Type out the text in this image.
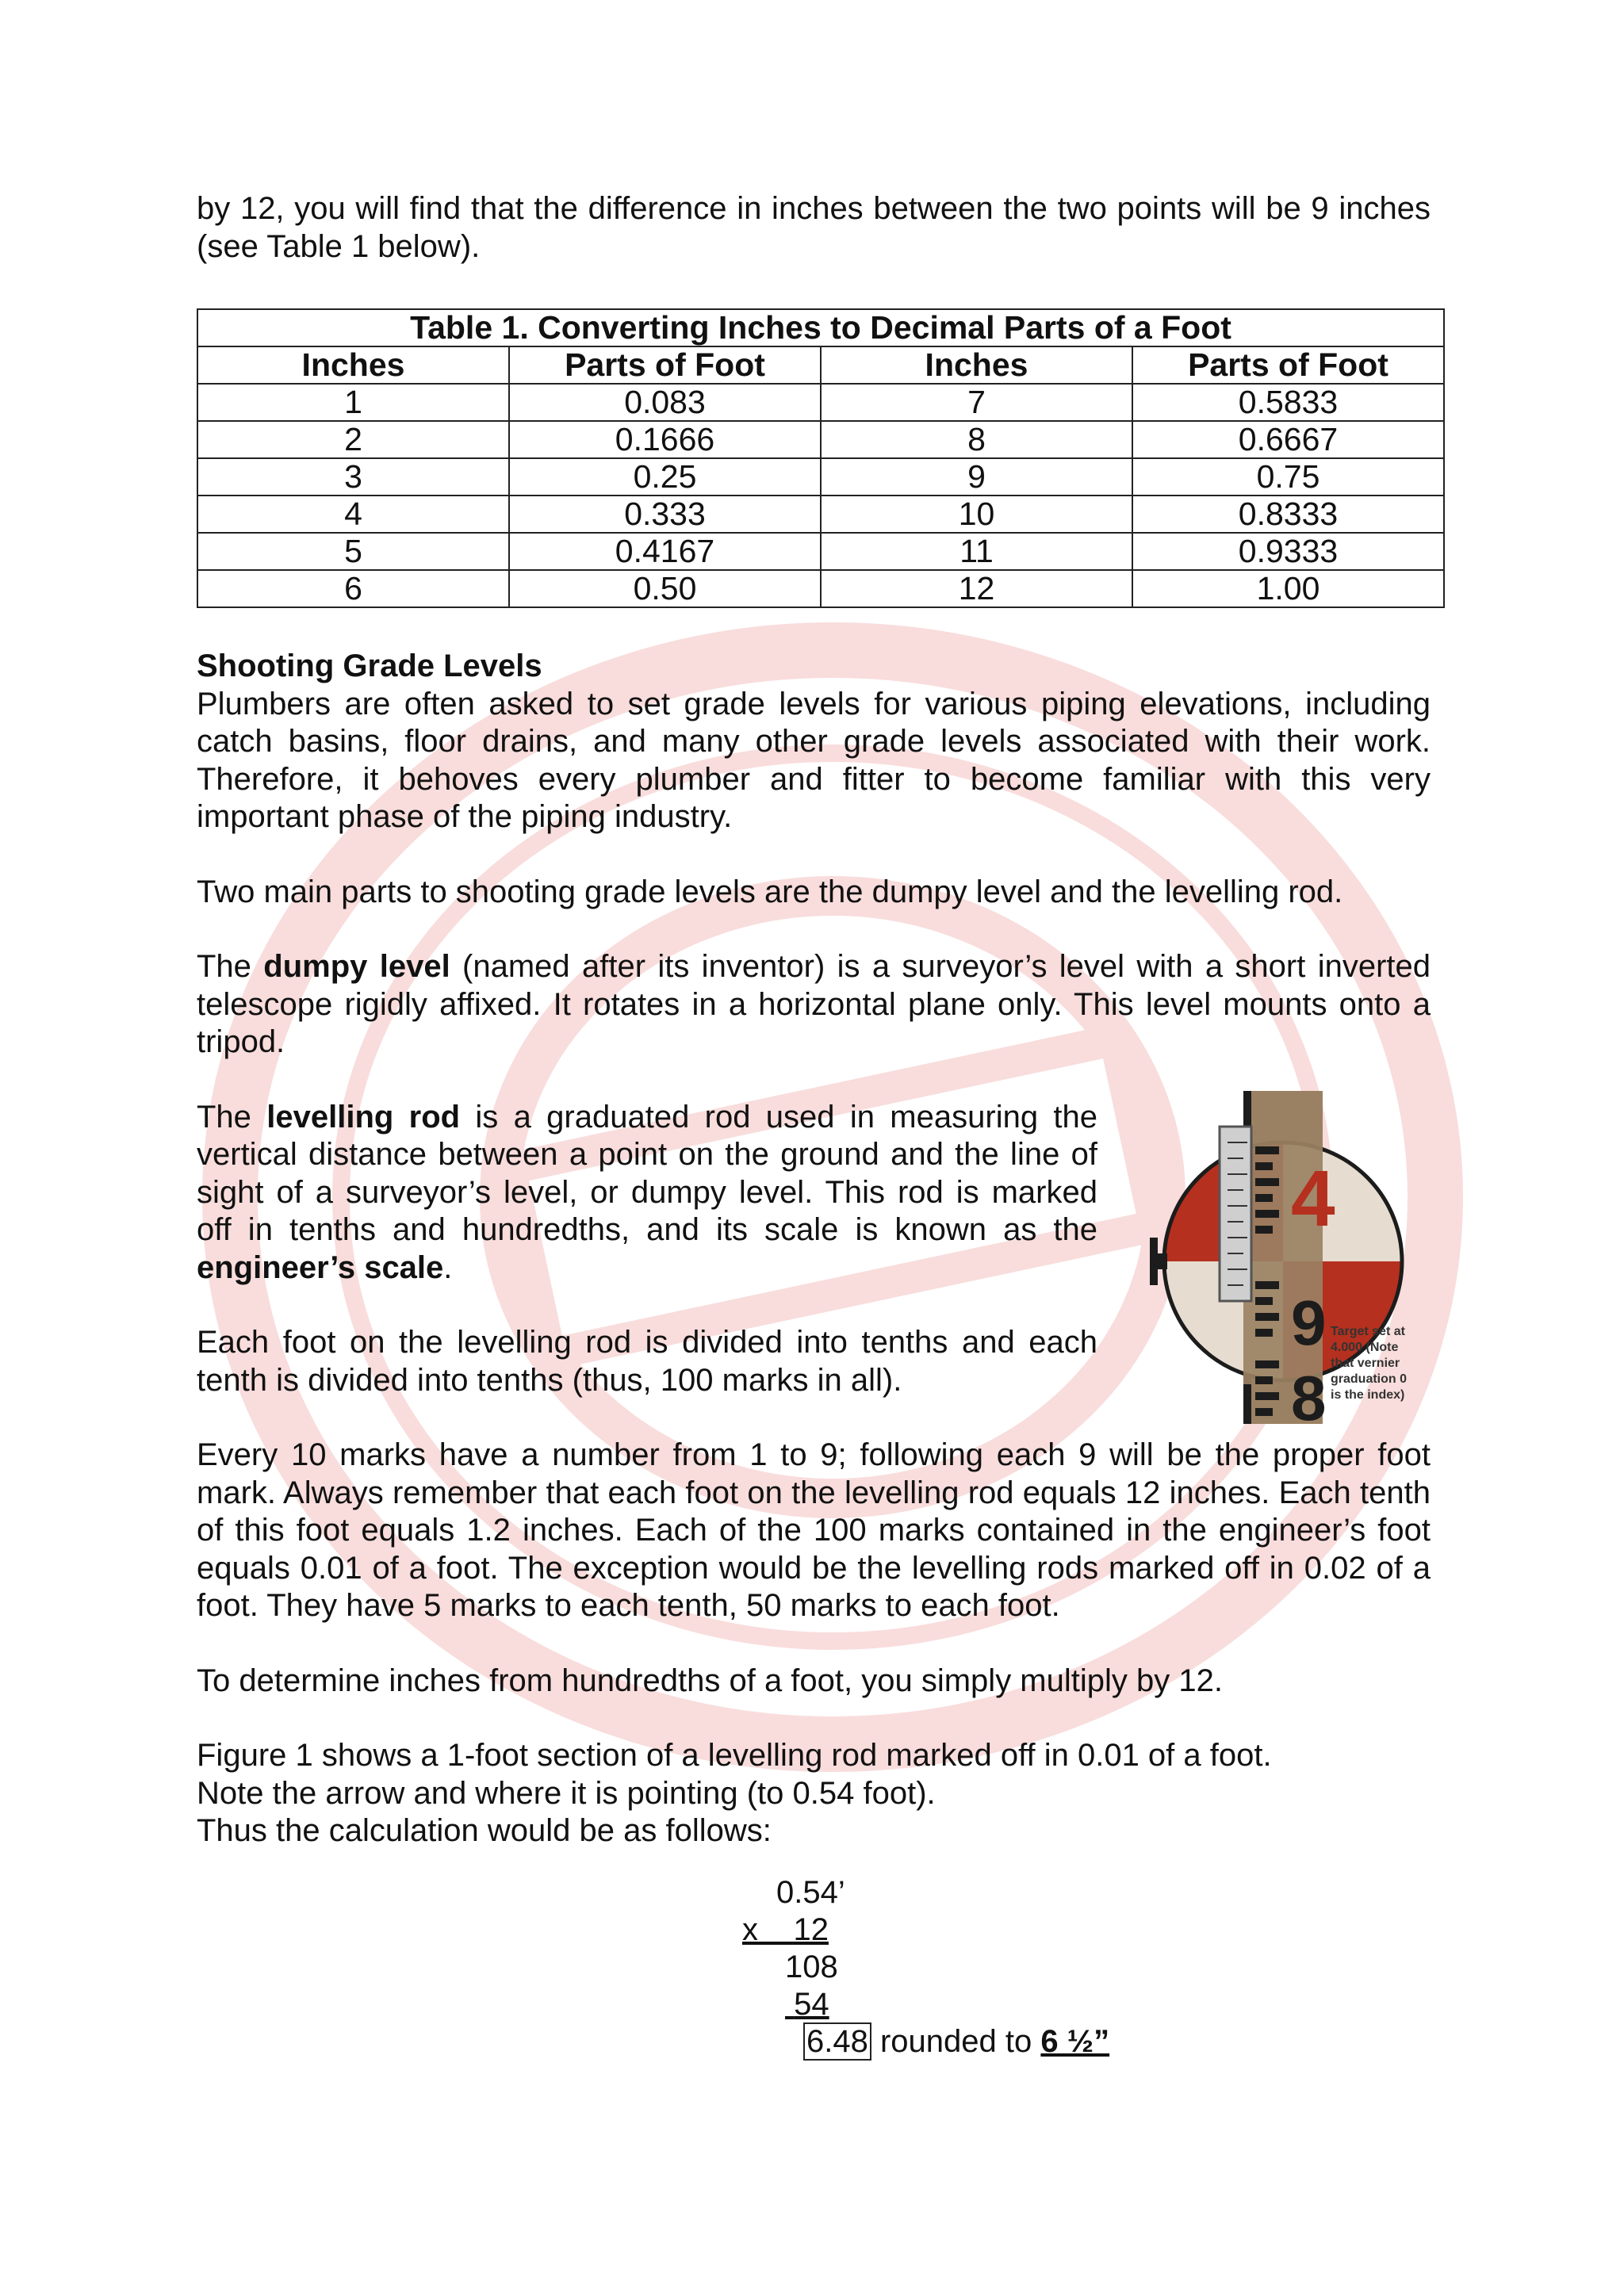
by 12, you will find that the difference in inches between the two points will be 9 inches (see Table 1 below).

Table 1. Converting Inches to Decimal Parts of a Foot			
Inches	Parts of Foot	Inches	Parts of Foot
1	0.083	7	0.5833
2	0.1666	8	0.6667
3	0.25	9	0.75
4	0.333	10	0.8333
5	0.4167	11	0.9333
6	0.50	12	1.00

Shooting Grade Levels

Plumbers are often asked to set grade levels for various piping elevations, including catch basins, floor drains, and many other grade levels associated with their work. Therefore, it behoves every plumber and fitter to become familiar with this very important phase of the piping industry.

Two main parts to shooting grade levels are the dumpy level and the levelling rod.

The dumpy level (named after its inventor) is a surveyor’s level with a short inverted telescope rigidly affixed. It rotates in a horizontal plane only. This level mounts onto a tripod.

The levelling rod is a graduated rod used in measuring the vertical distance between a point on the ground and the line of sight of a surveyor’s level, or dumpy level. This rod is marked off in tenths and hundredths, and its scale is known as the engineer’s scale.

Each foot on the levelling rod is divided into tenths and each tenth is divided into tenths (thus, 100 marks in all).

4
9
8
Target set at
4.000 (Note
that vernier
graduation 0
is the index)

Every 10 marks have a number from 1 to 9; following each 9 will be the proper foot mark. Always remember that each foot on the levelling rod equals 12 inches. Each tenth of this foot equals 1.2 inches. Each of the 100 marks contained in the engineer’s foot equals 0.01 of a foot. The exception would be the levelling rods marked off in 0.02 of a foot. They have 5 marks to each tenth, 50 marks to each foot.

To determine inches from hundredths of a foot, you simply multiply by 12.

Figure 1 shows a 1-foot section of a levelling rod marked off in 0.01 of a foot.

Note the arrow and where it is pointing (to 0.54 foot).

Thus the calculation would be as follows:

0.54’
x 12
108
54
6.48 rounded to 6 ½”
